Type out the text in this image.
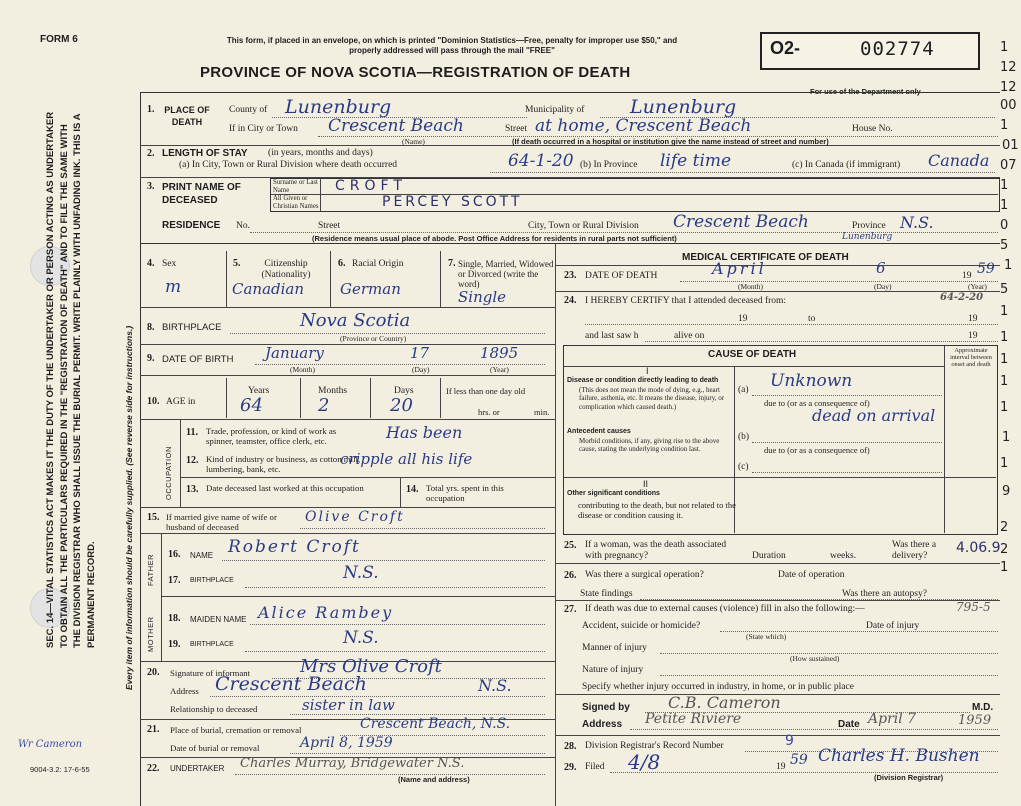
FORM 6	This form, if placed in an envelope, on which is printed "Dominion Statistics—Free, penalty for improper use $50," and properly addressed will pass through the mail "FREE"
PROVINCE OF NOVA SCOTIA—REGISTRATION OF DEATH
O2-	002774
For use of the Department only
1
12
12
00
1
01
07
1
1
0
5
1
5
1
1
1
1
1
1
1
9
2
2
1
SEC. 14—VITAL STATISTICS ACT MAKES IT THE DUTY OF THE UNDERTAKER OR PERSON ACTING AS UNDERTAKER TO OBTAIN ALL THE PARTICULARS REQUIRED IN THE "REGISTRATION OF DEATH" AND TO FILE THE SAME WITH THE DIVISION REGISTRAR WHO SHALL ISSUE THE BURIAL PERMIT. WRITE PLAINLY WITH UNFADING INK. THIS IS A PERMANENT RECORD.	Every item of information should be carefully supplied. (See reverse side for instructions.)
Wr Cameron
9004-3.2: 17-6-55
1. PLACE OF DEATH
County of Lunenburg	Municipality of Lunenburg
If in City or Town Crescent Beach	Street at home, Crescent Beach	House No.
(Name)	(If death occurred in a hospital or institution give the name instead of street and number)
2. LENGTH OF STAY (in years, months and days)
(a) In City, Town or Rural Division where death occurred	64-1-20 (b) In Province life time	(c) In Canada (if immigrant) Canada
3. PRINT NAME OF DECEASED
Surname or Last Name
All Given or Christian Names
CROFT
PERCEY SCOTT
RESIDENCE No.	Street	City, Town or Rural Division Crescent Beach	Province N.S.
(Residence means usual place of abode. Post Office Address for residents in rural parts not sufficient)	Lunenburg
4. Sex
m
5.	Citizenship (Nationality)
Canadian
6. Racial Origin
German
7. Single, Married, Widowed or Divorced (write the word)
Single
8. BIRTHPLACE	Nova Scotia
(Province or Country)
9. DATE OF BIRTH January	17	1895
(Month)	(Day)	(Year)
10. AGE in
Years	Months	Days	If less than one day old
64	2	20	hrs. or	min.
OCCUPATION
11. Trade, profession, or kind of work as spinner, teamster, office clerk, etc.	Has been
12. Kind of industry or business, as cotton mill, lumbering, bank, etc.
cripple all his life
13. Date deceased last worked at this occupation	14. Total yrs. spent in this occupation
15. If married give name of wife or husband of deceased
Olive Croft
FATHER
MOTHER
16. NAME Robert Croft
17. BIRTHPLACE	N.S.
18. MAIDEN NAME Alice Rambey
19. BIRTHPLACE	N.S.
20. Signature of informant	Mrs Olive Croft
Address Crescent Beach	N.S.
Relationship to deceased	sister in law
21. Place of burial, cremation or removal	Crescent Beach, N.S.
Date of burial or removal	April 8, 1959
22. UNDERTAKER Charles Murray, Bridgewater N.S.
(Name and address)
MEDICAL CERTIFICATE OF DEATH
23. DATE OF DEATH	April	6	19 59
(Month)	(Day)	(Year)
24. I HEREBY CERTIFY that I attended deceased from:	64-2-20
19	to	19
and last saw h	alive on	19
CAUSE OF DEATH	Approximate interval between onset and death
I
Disease or condition directly leading to death
(This does not mean the mode of dying, e.g., heart failure, asthenia, etc. It means the disease, injury, or complication which caused death.)
(a) Unknown
due to (or as a consequence of)
dead on arrival
Antecedent causes
Morbid conditions, if any, giving rise to the above cause, stating the underlying condition last.
(b)
due to (or as a consequence of)
(c)
II
Other significant conditions
contributing to the death, but not related to the disease or condition causing it.
25. If a woman, was the death associated with pregnancy?	Duration	weeks.
Was there a delivery?	4.06.9
26. Was there a surgical operation?	Date of operation
State findings	Was there an autopsy?
27. If death was due to external causes (violence) fill in also the following:—	795-5
Accident, suicide or homicide?	Date of injury
(State which)
Manner of injury
(How sustained)
Nature of injury
Specify whether injury occurred in industry, in home, or in public place
Signed by C.B. Cameron	M.D.
Address Petite Riviere	Date April 7	1959
28. Division Registrar's Record Number	9
29. Filed 4/8	19 59 Charles H. Bushen
(Division Registrar)
